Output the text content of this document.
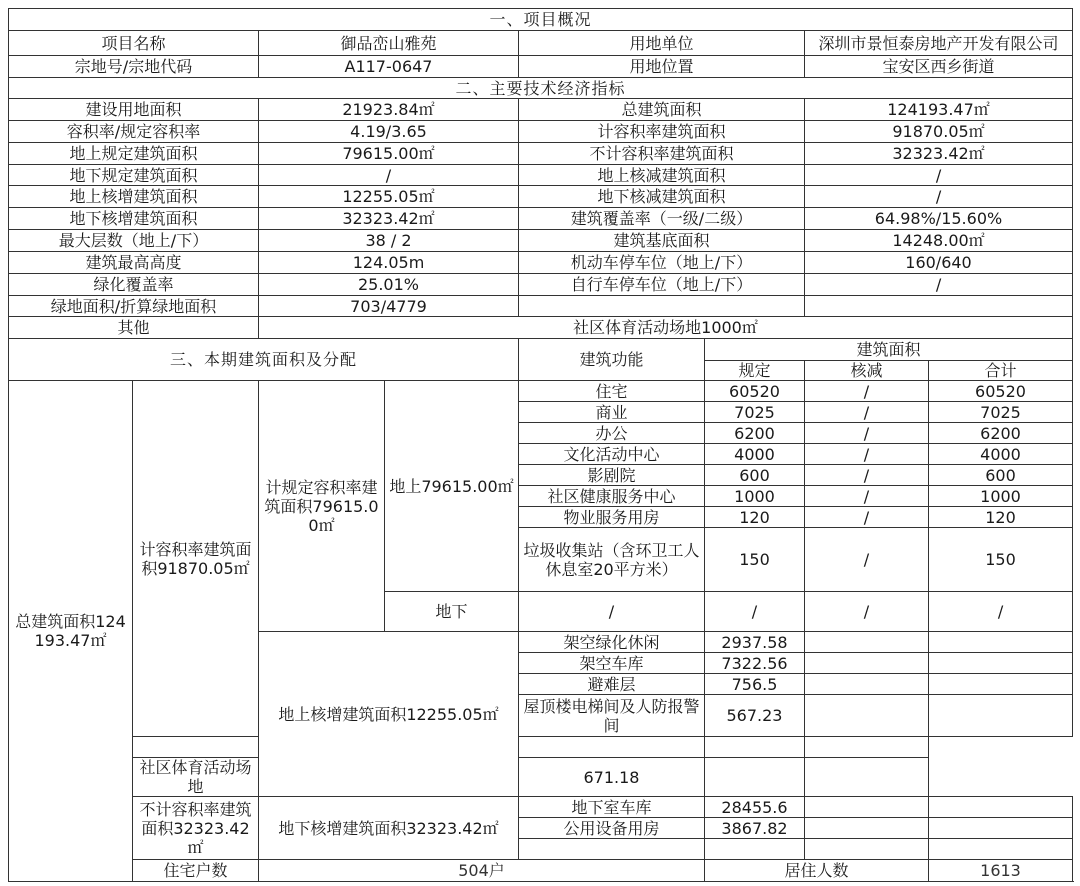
一、项目概况							
项目名称		御品峦山雅苑		用地单位		深圳市景恒泰房地产开发有限公司	
宗地号/宗地代码		A117-0647		用地位置		宝安区西乡街道	
二、主要技术经济指标							
建设用地面积		21923.84㎡		总建筑面积		124193.47㎡	
容积率/规定容积率		4.19/3.65		计容积率建筑面积		91870.05㎡	
地上规定建筑面积		79615.00㎡		不计容积率建筑面积		32323.42㎡	
地下规定建筑面积		/		地上核减建筑面积		/	
地上核增建筑面积		12255.05㎡		地下核减建筑面积		/	
地下核增建筑面积		32323.42㎡		建筑覆盖率（一级/二级）		64.98%/15.60%	
最大层数（地上/下）		38 / 2		建筑基底面积		14248.00㎡	
建筑最高高度		124.05m		机动车停车位（地上/下）		160/640	
绿化覆盖率		25.01%		自行车停车位（地上/下）		/	
绿地面积/折算绿地面积		703/4779					
其他		社区体育活动场地1000㎡					
三、本期建筑面积及分配				建筑功能	建筑面积		
					规定	核减	合计
总建筑面积124193.47㎡	计容积率建筑面积91870.05㎡	计规定容积率建筑面积79615.00㎡	地上79615.00㎡	住宅	60520	/	60520
				商业	7025	/	7025
				办公	6200	/	6200
				文化活动中心	4000	/	4000
				影剧院	600	/	600
				社区健康服务中心	1000	/	1000
				物业服务用房	120	/	120
				垃圾收集站（含环卫工人休息室20平方米）	150	/	150
			地下	/	/	/	/
		地上核增建筑面积12255.05㎡		架空绿化休闲	2937.58		
				架空车库	7322.56		
				避难层	756.5		
				屋顶楼电梯间及人防报警间	567.23		

	社区体育活动场地			671.18			
	不计容积率建筑面积32323.42㎡	地下核增建筑面积32323.42㎡		地下室车库	28455.6		
				公用设备用房	3867.82		

	住宅户数	504户			居住人数		1613
